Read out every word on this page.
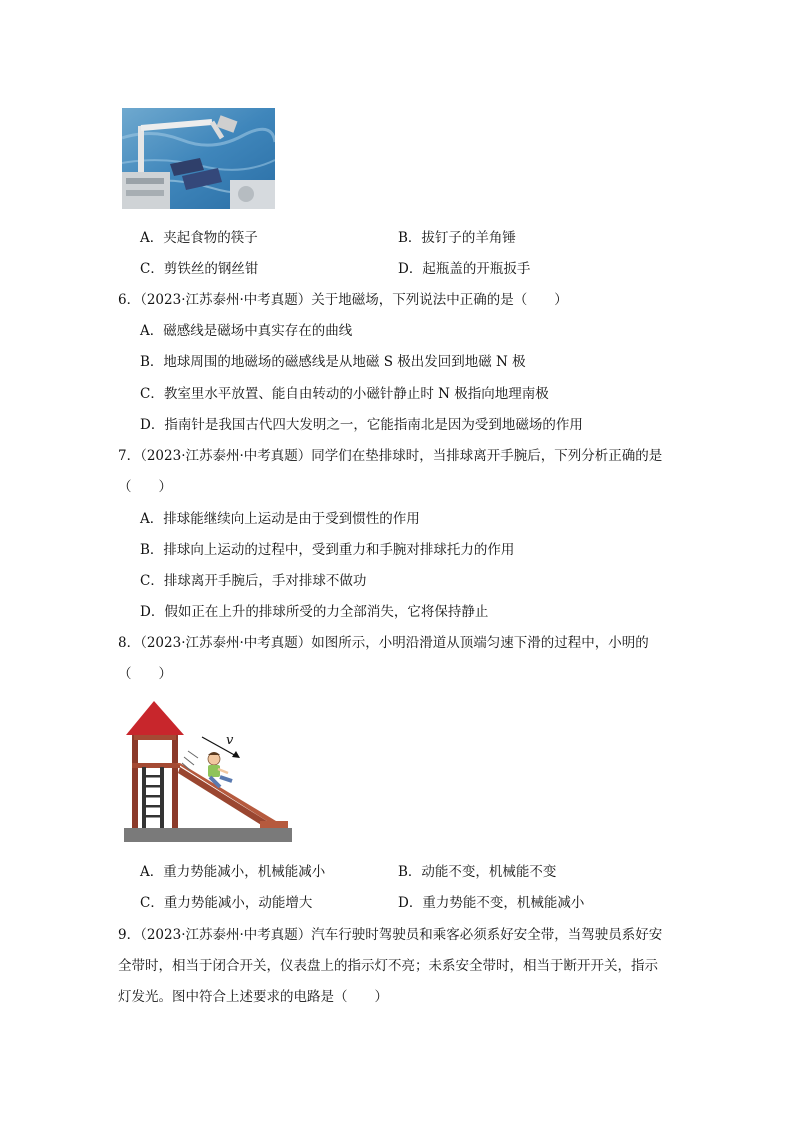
A．夹起食物的筷子	B．拔钉子的羊角锤
C．剪铁丝的钢丝钳	D．起瓶盖的开瓶扳手
6．（2023·江苏泰州·中考真题）关于地磁场，下列说法中正确的是（　　）
A．磁感线是磁场中真实存在的曲线
B．地球周围的地磁场的磁感线是从地磁 S 极出发回到地磁 N 极
C．教室里水平放置、能自由转动的小磁针静止时 N 极指向地理南极
D．指南针是我国古代四大发明之一，它能指南北是因为受到地磁场的作用
7．（2023·江苏泰州·中考真题）同学们在垫排球时，当排球离开手腕后，下列分析正确的是
（　　）
A．排球能继续向上运动是由于受到惯性的作用
B．排球向上运动的过程中，受到重力和手腕对排球托力的作用
C．排球离开手腕后，手对排球不做功
D．假如正在上升的排球所受的力全部消失，它将保持静止
8．（2023·江苏泰州·中考真题）如图所示，小明沿滑道从顶端匀速下滑的过程中，小明的
（　　）
v
A．重力势能减小，机械能减小	B．动能不变，机械能不变
C．重力势能减小，动能增大	D．重力势能不变，机械能减小
9．（2023·江苏泰州·中考真题）汽车行驶时驾驶员和乘客必须系好安全带，当驾驶员系好安
全带时，相当于闭合开关，仪表盘上的指示灯不亮；未系安全带时，相当于断开开关，指示
灯发光。图中符合上述要求的电路是（　　）
